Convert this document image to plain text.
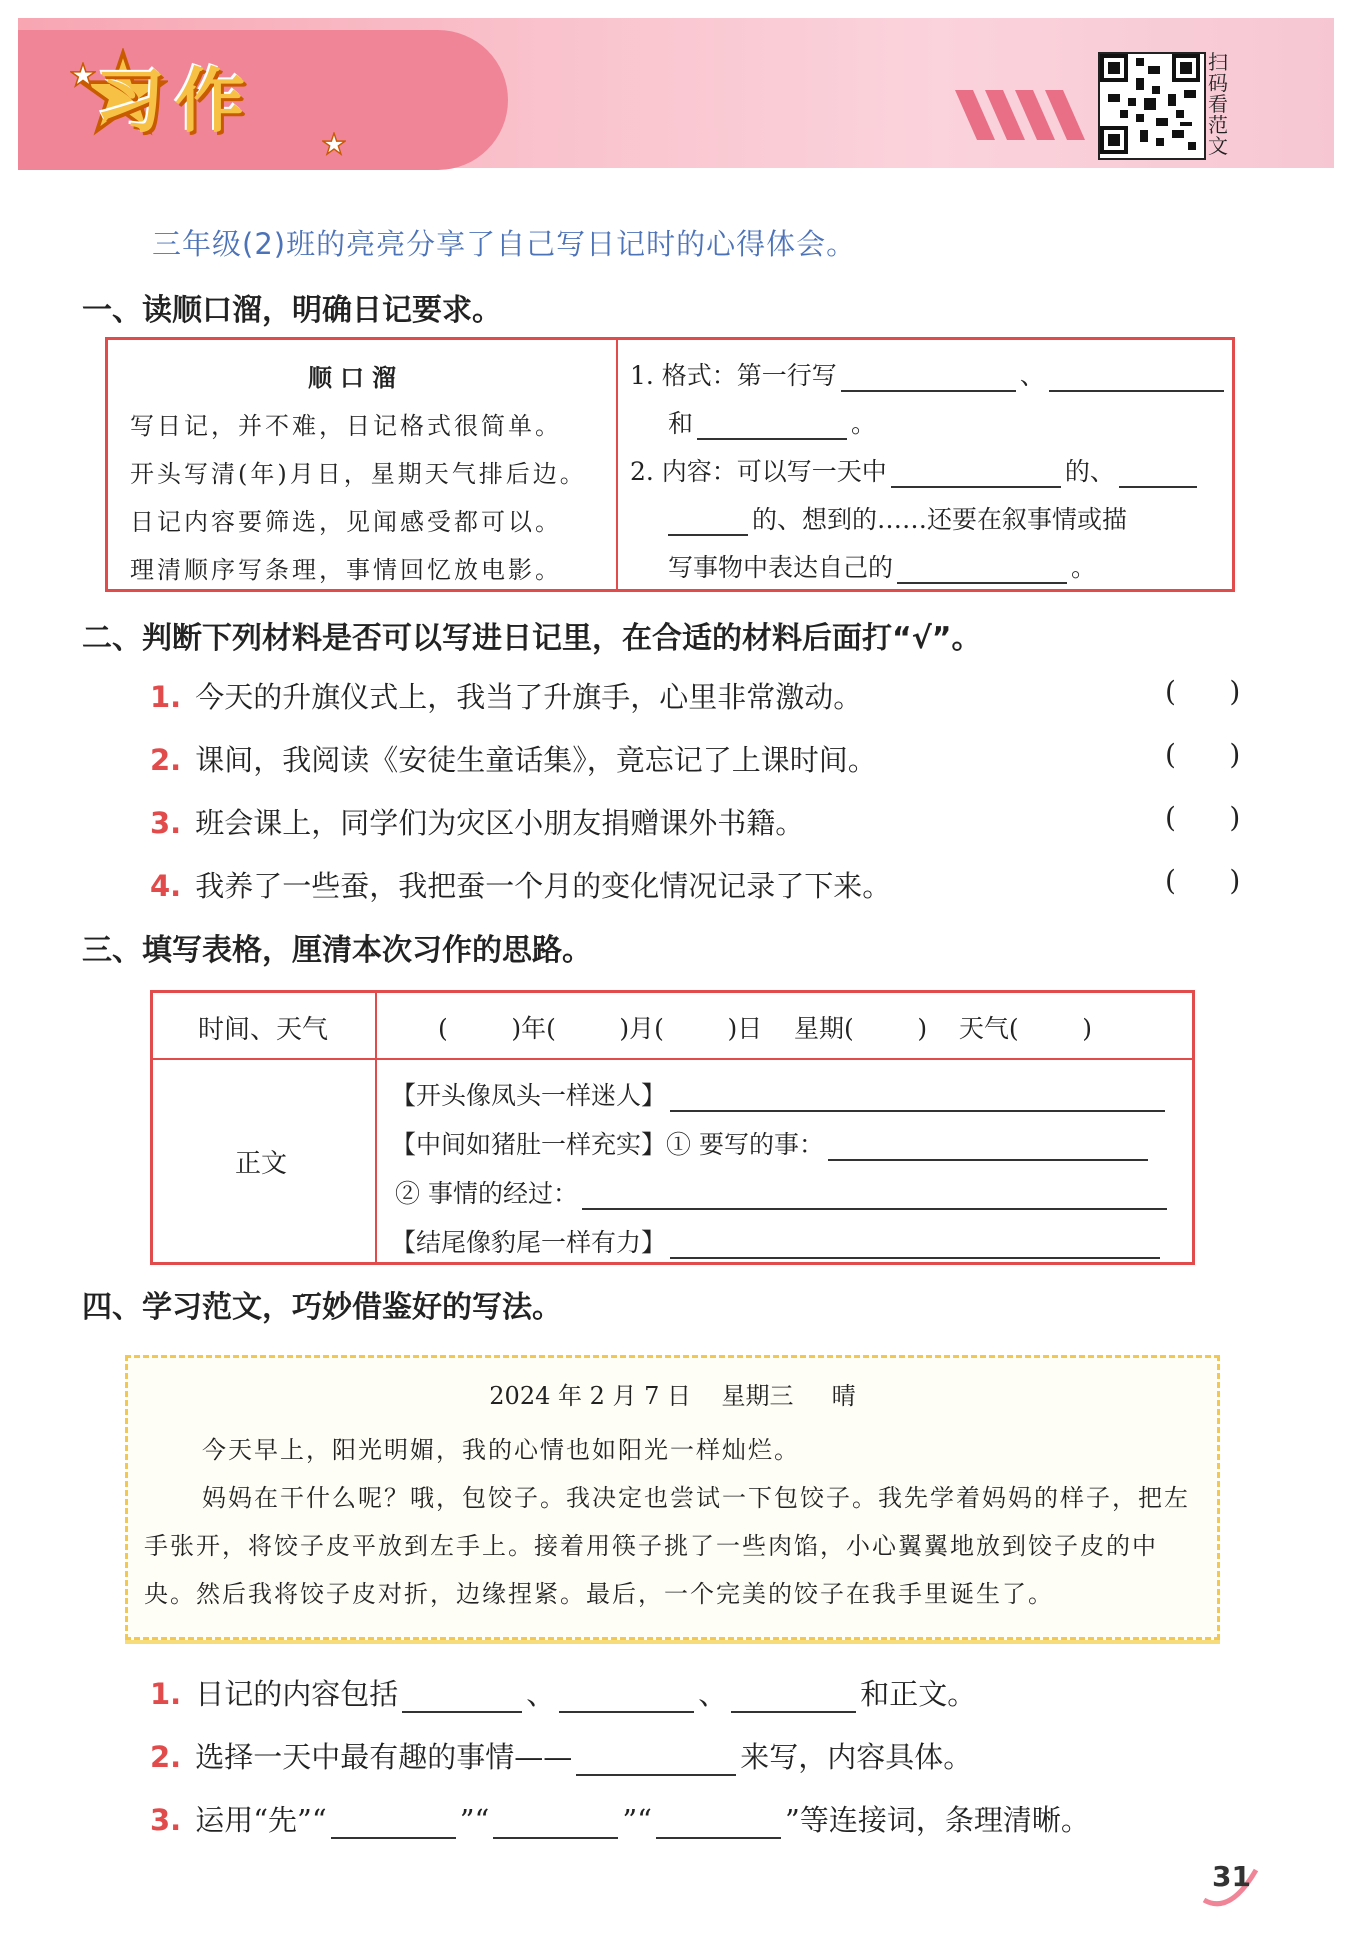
习作	扫码看范文
三年级(2)班的亮亮分享了自己写日记时的心得体会。
一、读顺口溜，明确日记要求。
顺口溜
写日记，并不难，日记格式很简单。
开头写清(年)月日，星期天气排后边。
日记内容要筛选，见闻感受都可以。
理清顺序写条理，事情回忆放电影。
1. 格式：第一行写	、
和	。
2. 内容：可以写一天中	的、
的、想到的……还要在叙事情或描
写事物中表达自己的	。
二、判断下列材料是否可以写进日记里，在合适的材料后面打“√”。
1. 今天的升旗仪式上，我当了升旗手，心里非常激动。	(      )
2. 课间，我阅读《安徒生童话集》，竟忘记了上课时间。	(      )
3. 班会课上，同学们为灾区小朋友捐赠课外书籍。	(      )
4. 我养了一些蚕，我把蚕一个月的变化情况记录了下来。	(      )
三、填写表格，厘清本次习作的思路。
时间、天气	(        )年(        )月(        )日    星期(        )    天气(        )
正文
【开头像凤头一样迷人】
【中间如猪肚一样充实】① 要写的事：
② 事情的经过：
【结尾像豹尾一样有力】
四、学习范文，巧妙借鉴好的写法。
2024 年 2 月 7 日    星期三     晴
今天早上，阳光明媚，我的心情也如阳光一样灿烂。
妈妈在干什么呢？哦，包饺子。我决定也尝试一下包饺子。我先学着妈妈的样子，把左手张开，将饺子皮平放到左手上。接着用筷子挑了一些肉馅，小心翼翼地放到饺子皮的中央。然后我将饺子皮对折，边缘捏紧。最后，一个完美的饺子在我手里诞生了。
1. 日记的内容包括	、	、	和正文。
2. 选择一天中最有趣的事情——	来写，内容具体。
3. 运用“先”“	”“	”“	”等连接词，条理清晰。
31
